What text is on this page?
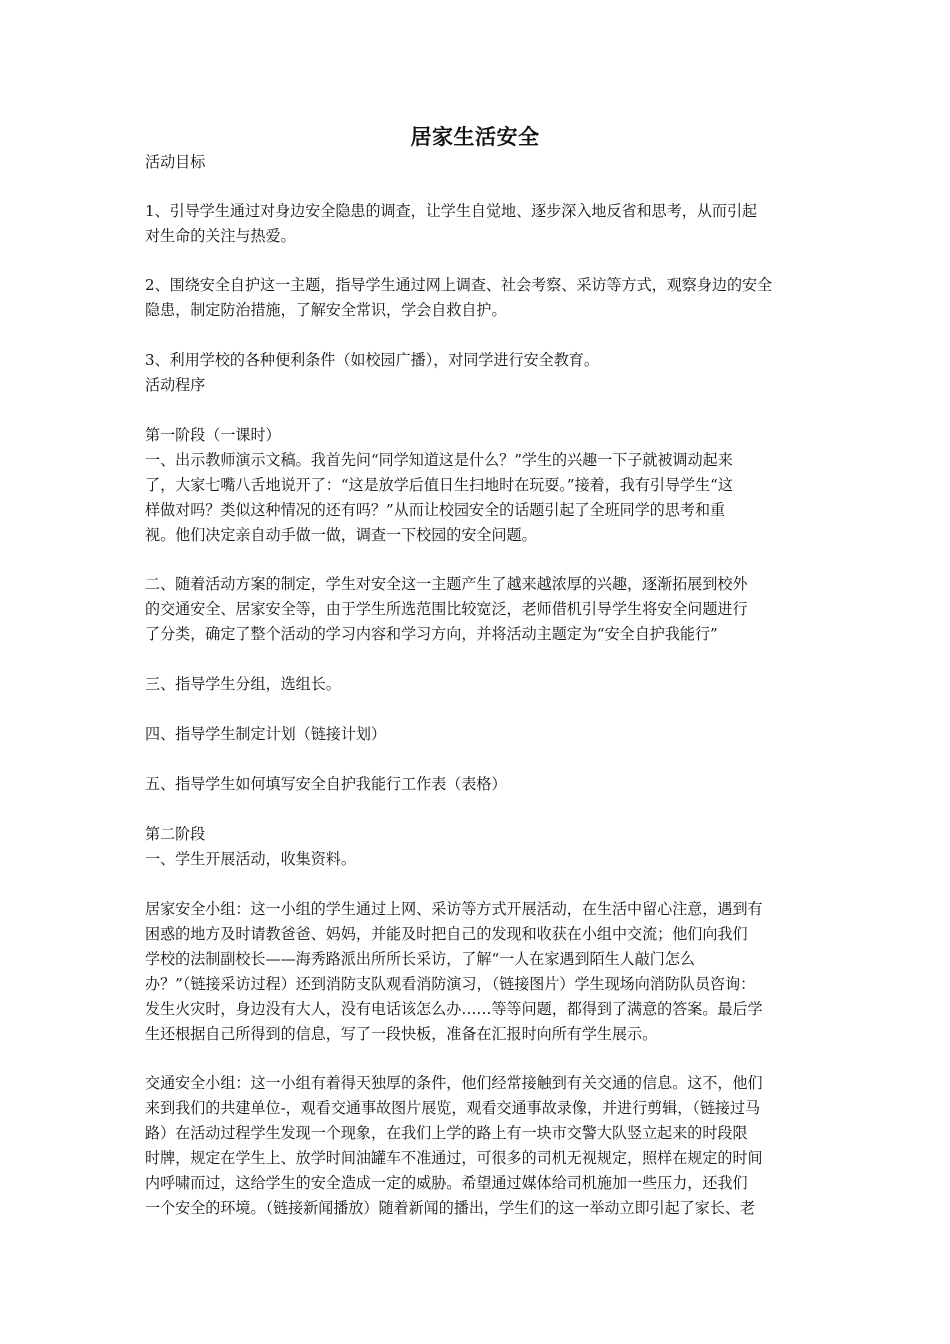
居家生活安全
活动目标
1、引导学生通过对身边安全隐患的调查，让学生自觉地、逐步深入地反省和思考，从而引起
对生命的关注与热爱。
2、围绕安全自护这一主题，指导学生通过网上调查、社会考察、采访等方式，观察身边的安全
隐患，制定防治措施，了解安全常识，学会自救自护。
3、利用学校的各种便利条件（如校园广播），对同学进行安全教育。
活动程序
第一阶段（一课时）
一、出示教师演示文稿。我首先问“同学知道这是什么？”学生的兴趣一下子就被调动起来
了，大家七嘴八舌地说开了：“这是放学后值日生扫地时在玩耍。”接着，我有引导学生“这
样做对吗？类似这种情况的还有吗？”从而让校园安全的话题引起了全班同学的思考和重
视。他们决定亲自动手做一做，调查一下校园的安全问题。
二、随着活动方案的制定，学生对安全这一主题产生了越来越浓厚的兴趣，逐渐拓展到校外
的交通安全、居家安全等，由于学生所选范围比较宽泛，老师借机引导学生将安全问题进行
了分类，确定了整个活动的学习内容和学习方向，并将活动主题定为“安全自护我能行”
三、指导学生分组，选组长。
四、指导学生制定计划（链接计划）
五、指导学生如何填写安全自护我能行工作表（表格）
第二阶段
一、学生开展活动，收集资料。
居家安全小组：这一小组的学生通过上网、采访等方式开展活动，在生活中留心注意，遇到有
困惑的地方及时请教爸爸、妈妈，并能及时把自己的发现和收获在小组中交流；他们向我们
学校的法制副校长——海秀路派出所所长采访，了解“一人在家遇到陌生人敲门怎么
办？”（链接采访过程）还到消防支队观看消防演习，（链接图片）学生现场向消防队员咨询：
发生火灾时，身边没有大人，没有电话该怎么办……等等问题，都得到了满意的答案。最后学
生还根据自己所得到的信息，写了一段快板，准备在汇报时向所有学生展示。
交通安全小组：这一小组有着得天独厚的条件，他们经常接触到有关交通的信息。这不，他们
来到我们的共建单位-，观看交通事故图片展览，观看交通事故录像，并进行剪辑，（链接过马
路）在活动过程学生发现一个现象，在我们上学的路上有一块市交警大队竖立起来的时段限
时牌，规定在学生上、放学时间油罐车不准通过，可很多的司机无视规定，照样在规定的时间
内呼啸而过，这给学生的安全造成一定的威胁。希望通过媒体给司机施加一些压力，还我们
一个安全的环境。（链接新闻播放）随着新闻的播出，学生们的这一举动立即引起了家长、老
